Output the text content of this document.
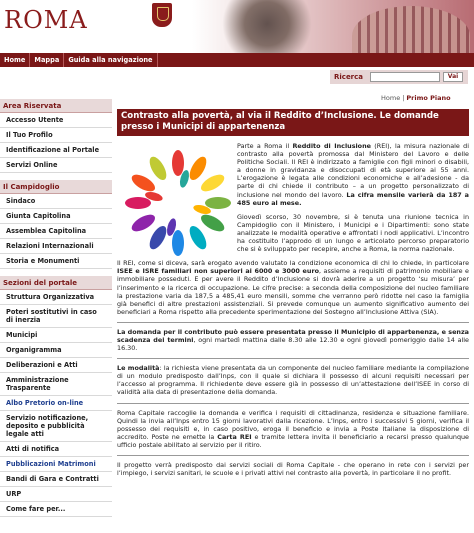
ROMA
Home	Mappa	Guida alla navigazione
Ricerca	Vai
Home | Primo Piano
Area Riservata
Accesso Utente
Il Tuo Profilo
Identificazione al Portale
Servizi Online
Il Campidoglio
Sindaco
Giunta Capitolina
Assemblea Capitolina
Relazioni Internazionali
Storia e Monumenti
Sezioni del portale
Struttura Organizzativa
Poteri sostitutivi in caso di inerzia
Municipi
Organigramma
Deliberazioni e Atti
Amministrazione Trasparente
Albo Pretorio on-line
Servizio notificazione, deposito e pubblicità legale atti
Atti di notifica
Pubblicazioni Matrimoni
Bandi di Gara e Contratti
URP
Come fare per...
Contrasto alla povertà, al via il Reddito d’Inclusione. Le domande presso i Municipi di appartenenza

Parte a Roma il Reddito di Inclusione (REI), la misura nazionale di contrasto alla povertà promossa dal Ministero del Lavoro e delle Politiche Sociali. Il REI è indirizzato a famiglie con figli minori o disabili, a donne in gravidanza e disoccupati di età superiore ai 55 anni. L’erogazione è legata alle condizioni economiche e all’adesione - da parte di chi chiede il contributo – a un progetto personalizzato di inclusione nel mondo del lavoro. La cifra mensile varierà da 187 a 485 euro al mese.

Giovedì scorso, 30 novembre, si è tenuta una riunione tecnica in Campidoglio con il Ministero, i Municipi e i Dipartimenti: sono state analizzate le modalità operative e affrontati i nodi applicativi. L’incontro ha costituito l’approdo di un lungo e articolato percorso preparatorio che si è sviluppato per recepire, anche a Roma, la norma nazionale.

Il REI, come si diceva, sarà erogato avendo valutato la condizione economica di chi lo chiede, in particolare ISEE e ISRE familiari non superiori ai 6000 e 3000 euro, assieme a requisiti di patrimonio mobiliare e immobiliare posseduti. E per avere il Reddito d’Inclusione si dovrà aderire a un progetto ‘su misura’ per l’inserimento e la ricerca di occupazione. Le cifre precise: a seconda della composizione del nucleo familiare la prestazione varia da 187,5 a 485,41 euro mensili, somme che verranno però ridotte nel caso la famiglia già benefici di altre prestazioni assistenziali. Si prevede comunque un aumento significativo aumento dei beneficiari a Roma rispetto alla precedente sperimentazione del Sostegno all’Inclusione Attiva (SIA).

La domanda per il contributo può essere presentata presso il Municipio di appartenenza, e senza scadenza dei termini, ogni martedì mattina dalle 8.30 alle 12.30 e ogni giovedì pomeriggio dalle 14 alle 16.30.

Le modalità: la richiesta viene presentata da un componente del nucleo familiare mediante la compilazione di un modulo predisposto dall’Inps, con il quale si dichiara il possesso di alcuni requisiti necessari per l’accesso al programma. Il richiedente deve essere già in possesso di un’attestazione dell’ISEE in corso di validità alla data di presentazione della domanda.

Roma Capitale raccoglie la domanda e verifica i requisiti di cittadinanza, residenza e situazione familiare. Quindi la invia all’Inps entro 15 giorni lavorativi dalla ricezione. L’Inps, entro i successivi 5 giorni, verifica il possesso dei requisiti e, in caso positivo, eroga il beneficio e invia a Poste Italiane la disposizione di accredito. Poste ne emette la Carta REI e tramite lettera invita il beneficiario a recarsi presso qualunque ufficio postale abilitato al servizio per il ritiro.

Il progetto verrà predisposto dai servizi sociali di Roma Capitale - che operano in rete con i servizi per l’impiego, i servizi sanitari, le scuole e i privati attivi nel contrasto alla povertà, in particolare il no profit.
